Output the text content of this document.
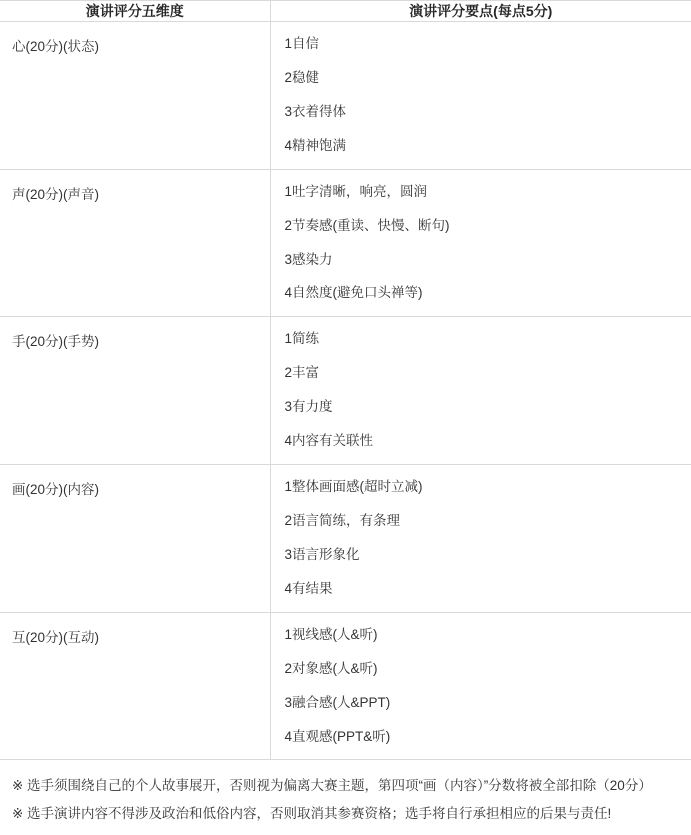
演讲评分五维度	演讲评分要点(每点5分)
心(20分)(状态)	1自信

2稳健

3衣着得体

4精神饱满

声(20分)(声音)	1吐字清晰，响亮，圆润

2节奏感(重读、快慢、断句)

3感染力

4自然度(避免口头禅等)

手(20分)(手势)	1简练

2丰富

3有力度

4内容有关联性

画(20分)(内容)	1整体画面感(超时立减)

2语言简练，有条理

3语言形象化

4有结果

互(20分)(互动)	1视线感(人&听)

2对象感(人&听)

3融合感(人&PPT)

4直观感(PPT&听)

※ 选手须围绕自己的个人故事展开，否则视为偏离大赛主题，第四项“画（内容）”分数将被全部扣除（20分）

※ 选手演讲内容不得涉及政治和低俗内容，否则取消其参赛资格；选手将自行承担相应的后果与责任!
